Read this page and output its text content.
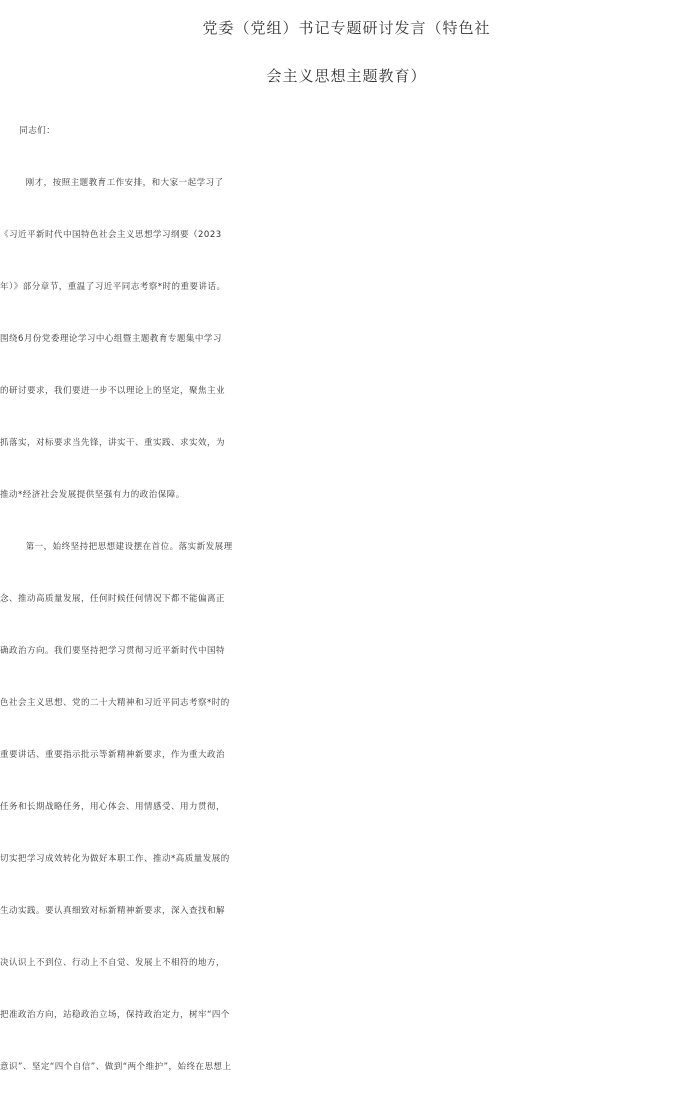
党委（党组）书记专题研讨发言（特色社
会主义思想主题教育）
同志们：
刚才，按照主题教育工作安排，和大家一起学习了
《习近平新时代中国特色社会主义思想学习纲要（2023
年）》部分章节，重温了习近平同志考察*时的重要讲话。
围绕6月份党委理论学习中心组暨主题教育专题集中学习
的研讨要求，我们要进一步不以理论上的坚定，聚焦主业
抓落实，对标要求当先锋，讲实干、重实践、求实效，为
推动*经济社会发展提供坚强有力的政治保障。
第一，始终坚持把思想建设摆在首位。落实新发展理
念、推动高质量发展，任何时候任何情况下都不能偏离正
确政治方向。我们要坚持把学习贯彻习近平新时代中国特
色社会主义思想、党的二十大精神和习近平同志考察*时的
重要讲话、重要指示批示等新精神新要求，作为重大政治
任务和长期战略任务，用心体会、用情感受、用力贯彻，
切实把学习成效转化为做好本职工作、推动*高质量发展的
生动实践。要认真细致对标新精神新要求，深入查找和解
决认识上不到位、行动上不自觉、发展上不相符的地方，
把准政治方向，站稳政治立场，保持政治定力，树牢“四个
意识”、坚定“四个自信”、做到“两个维护”，始终在思想上
